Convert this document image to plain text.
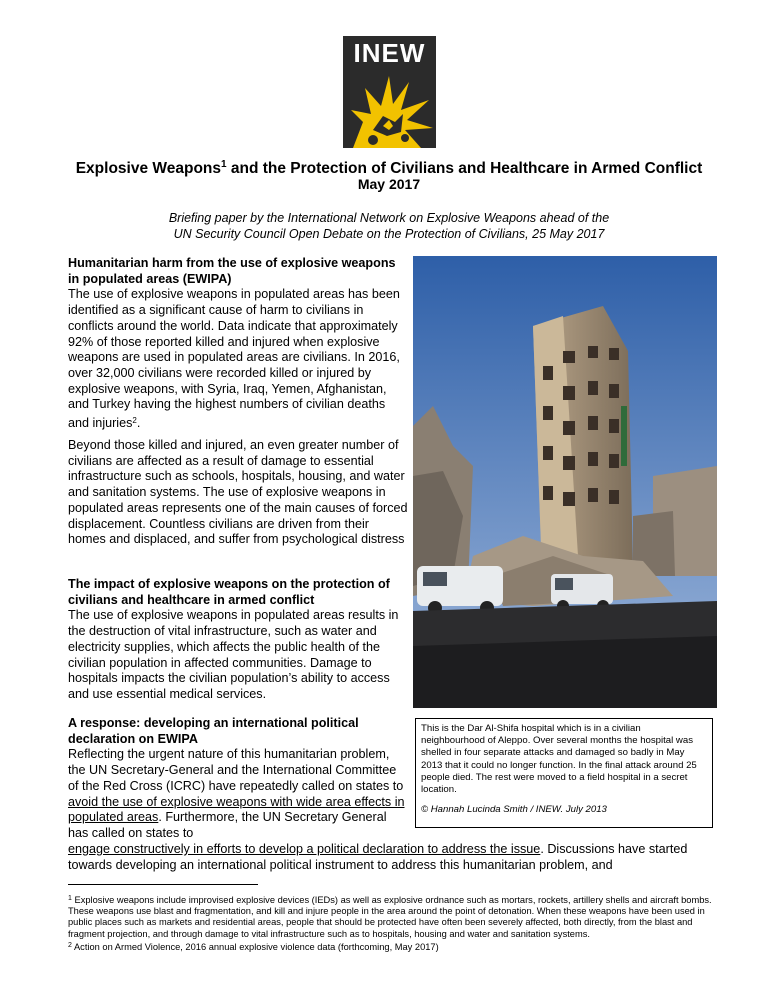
INEW
Explosive Weapons$^1$ and the Protection of Civilians and Healthcare in Armed Conflict
May 2017
Briefing paper by the International Network on Explosive Weapons ahead of the
UN Security Council Open Debate on the Protection of Civilians, 25 May 2017
Humanitarian harm from the use of explosive weapons in populated areas (EWIPA)
The use of explosive weapons in populated areas has been identified as a significant cause of harm to civilians in conflicts around the world. Data indicate that approximately 92% of those reported killed and injured when explosive weapons are used in populated areas are civilians. In 2016, over 32,000 civilians were recorded killed or injured by explosive weapons, with Syria, Iraq, Yemen, Afghanistan, and Turkey having the highest numbers of civilian deaths and injuries$^2$.
Beyond those killed and injured, an even greater number of civilians are affected as a result of damage to essential infrastructure such as schools, hospitals, housing, and water and sanitation systems. The use of explosive weapons in populated areas represents one of the main causes of forced displacement. Countless civilians are driven from their homes and displaced, and suffer from psychological distress
The impact of explosive weapons on the protection of civilians and healthcare in armed conflict
The use of explosive weapons in populated areas results in the destruction of vital infrastructure, such as water and electricity supplies, which affects the public health of the civilian population in affected communities. Damage to hospitals impacts the civilian population’s ability to access and use essential medical services.
A response: developing an international political declaration on EWIPA
Reflecting the urgent nature of this humanitarian problem, the UN Secretary-General and the International Committee of the Red Cross (ICRC) have repeatedly called on states to avoid the use of explosive weapons with wide area effects in populated areas. Furthermore, the UN Secretary General has called on states to
engage constructively in efforts to develop a political declaration to address the issue. Discussions have started towards developing an international political instrument to address this humanitarian problem, and
This is the Dar Al-Shifa hospital which is in a civilian neighbourhood of Aleppo. Over several months the hospital was shelled in four separate attacks and damaged so badly in May 2013 that it could no longer function. In the final attack around 25 people died. The rest were moved to a field hospital in a secret location.
© Hannah Lucinda Smith / INEW. July 2013
$^1$ Explosive weapons include improvised explosive devices (IEDs) as well as explosive ordnance such as mortars, rockets, artillery shells and aircraft bombs. These weapons use blast and fragmentation, and kill and injure people in the area around the point of detonation. When these weapons have been used in public places such as markets and residential areas, people that should be protected have often been severely affected, both directly, from the blast and fragment projection, and through damage to vital infrastructure such as to hospitals, housing and water and sanitation systems.
$^2$ Action on Armed Violence, 2016 annual explosive violence data (forthcoming, May 2017)
